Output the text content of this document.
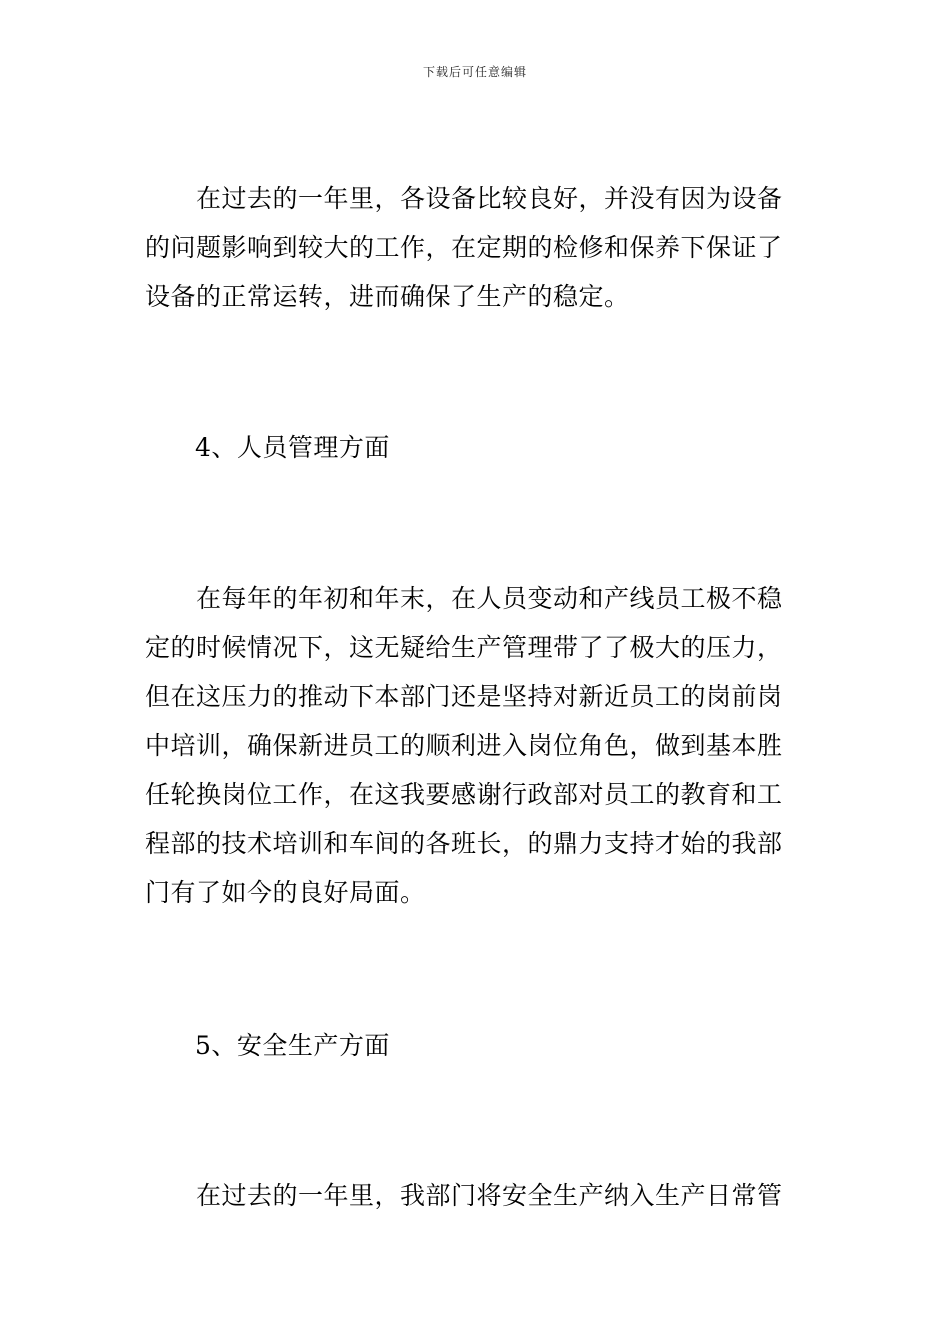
下载后可任意编辑
在过去的一年里，各设备比较良好，并没有因为设备
的问题影响到较大的工作，在定期的检修和保养下保证了
设备的正常运转，进而确保了生产的稳定。
4、人员管理方面
在每年的年初和年末，在人员变动和产线员工极不稳
定的时候情况下，这无疑给生产管理带了了极大的压力，
但在这压力的推动下本部门还是坚持对新近员工的岗前岗
中培训，确保新进员工的顺利进入岗位角色，做到基本胜
任轮换岗位工作，在这我要感谢行政部对员工的教育和工
程部的技术培训和车间的各班长，的鼎力支持才始的我部
门有了如今的良好局面。
5、安全生产方面
在过去的一年里，我部门将安全生产纳入生产日常管
